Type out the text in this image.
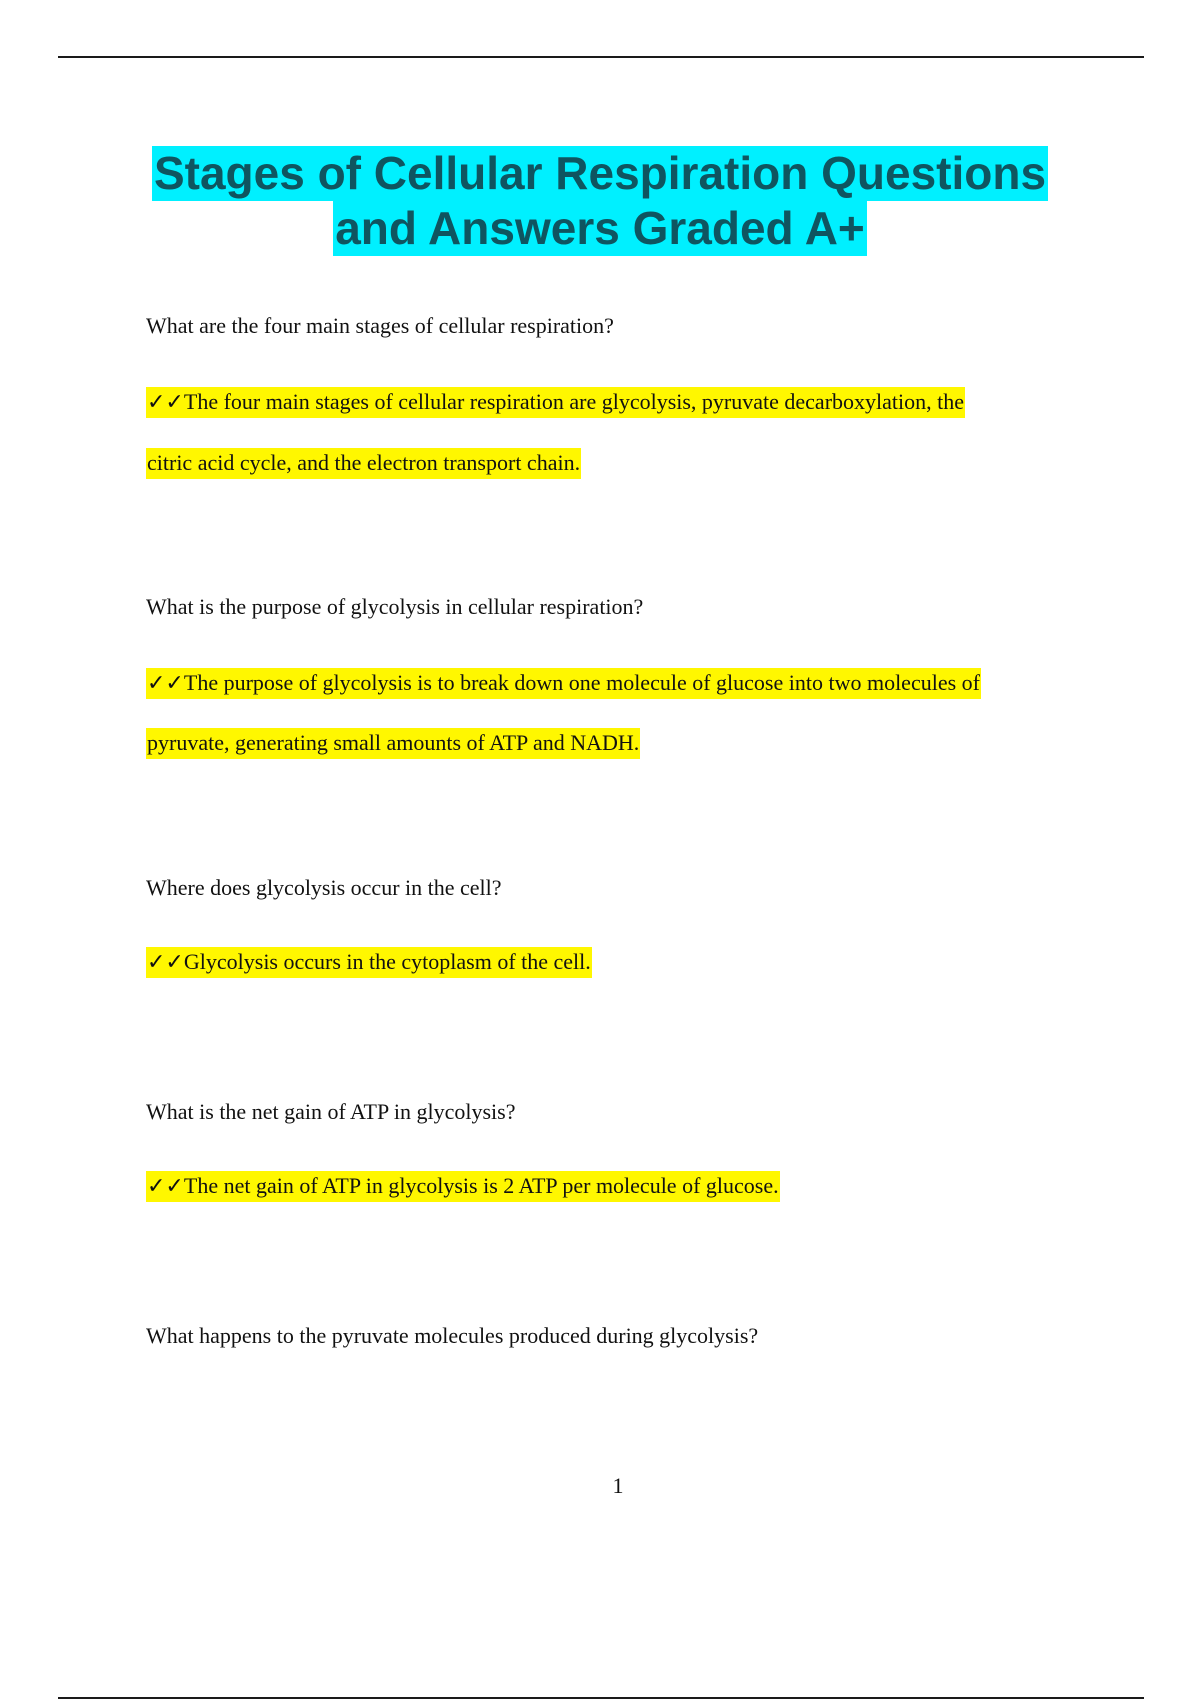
Stages of Cellular Respiration Questions
and Answers Graded A+
What are the four main stages of cellular respiration?
✓✓The four main stages of cellular respiration are glycolysis, pyruvate decarboxylation, the
citric acid cycle, and the electron transport chain.
What is the purpose of glycolysis in cellular respiration?
✓✓The purpose of glycolysis is to break down one molecule of glucose into two molecules of
pyruvate, generating small amounts of ATP and NADH.
Where does glycolysis occur in the cell?
✓✓Glycolysis occurs in the cytoplasm of the cell.
What is the net gain of ATP in glycolysis?
✓✓The net gain of ATP in glycolysis is 2 ATP per molecule of glucose.
What happens to the pyruvate molecules produced during glycolysis?
1
